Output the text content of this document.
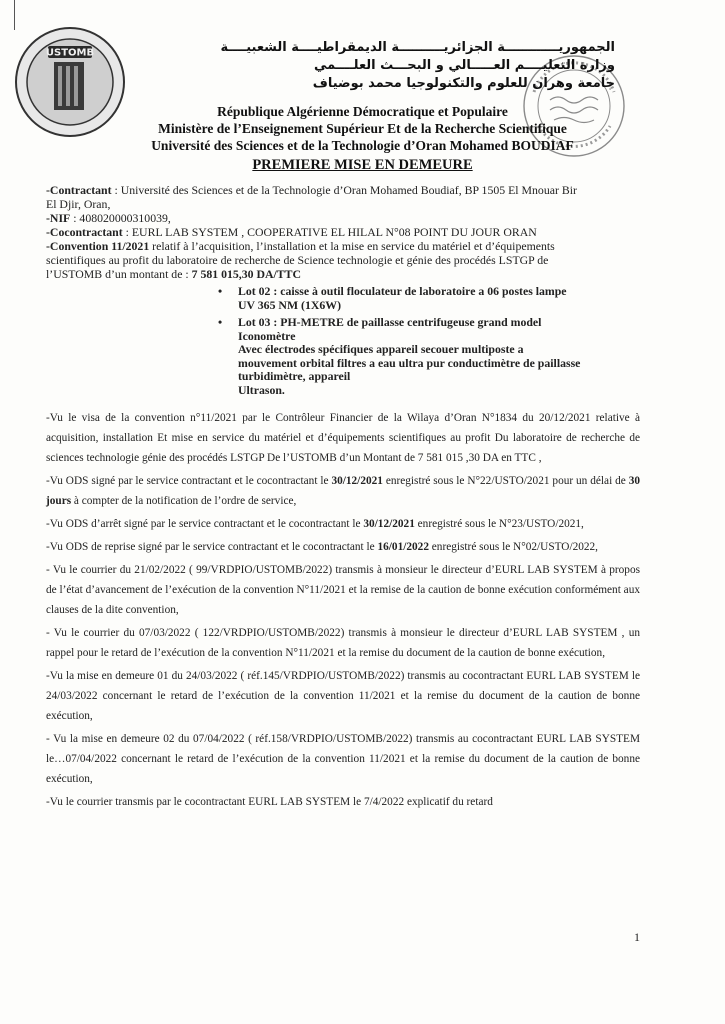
USTOMB	الجمهوريــــــــــــة الجزائريــــــــــة الديمقراطيــــة الشعبيــــة
وزارة التعليــــم العـــــالي و البحـــث العلــــمي
جامعة وهران للعلوم والتكنولوجيا محمد بوضياف
République Algérienne Démocratique et Populaire
Ministère de l’Enseignement Supérieur Et de la Recherche Scientifique
Université des Sciences et de la Technologie d’Oran Mohamed BOUDIAF
PREMIERE MISE EN DEMEURE
-Contractant : Université des Sciences et de la Technologie d’Oran Mohamed Boudiaf, BP 1505 El Mnouar Bir
El Djir, Oran,
-NIF : 408020000310039,
-Cocontractant : EURL LAB SYSTEM , COOPERATIVE EL HILAL N°08 POINT DU JOUR ORAN
-Convention 11/2021 relatif à l’acquisition, l’installation et la mise en service du matériel et d’équipements
scientifiques au profit du laboratoire de recherche de Science technologie et génie des procédés LSTGP de
l’USTOMB d’un montant de : 7 581 015,30 DA/TTC
• Lot 02 : caisse à outil floculateur de laboratoire a 06 postes lampe
UV 365 NM (1X6W)
• Lot 03 : PH-METRE de paillasse centrifugeuse grand model
Iconomètre
Avec électrodes spécifiques appareil secouer multiposte a
mouvement orbital filtres a eau ultra pur conductimètre de paillasse
turbidimètre, appareil
Ultrason.

-Vu le visa de la convention n°11/2021 par le Contrôleur Financier de la Wilaya d’Oran N°1834 du 20/12/2021 relative à acquisition, installation Et mise en service du matériel et d’équipements scientifiques au profit Du laboratoire de recherche de sciences technologie génie des procédés LSTGP De l’USTOMB d’un Montant de 7 581 015 ,30 DA en TTC ,

-Vu ODS signé par le service contractant et le cocontractant le 30/12/2021 enregistré sous le N°22/USTO/2021 pour un délai de 30 jours à compter de la notification de l’ordre de service,

-Vu ODS d’arrêt signé par le service contractant et le cocontractant le 30/12/2021 enregistré sous le N°23/USTO/2021,

-Vu ODS de reprise signé par le service contractant et le cocontractant le 16/01/2022 enregistré sous le N°02/USTO/2022,

- Vu le courrier du 21/02/2022 ( 99/VRDPIO/USTOMB/2022) transmis à monsieur le directeur d’EURL LAB SYSTEM à propos de l’état d’avancement de l’exécution de la convention N°11/2021 et la remise de la caution de bonne exécution conformément aux clauses de la dite convention,

- Vu le courrier du 07/03/2022 ( 122/VRDPIO/USTOMB/2022) transmis à monsieur le directeur d’EURL LAB SYSTEM , un rappel pour le retard de l’exécution de la convention N°11/2021 et la remise du document de la caution de bonne exécution,

-Vu la mise en demeure 01 du 24/03/2022 ( réf.145/VRDPIO/USTOMB/2022) transmis au cocontractant EURL LAB SYSTEM le 24/03/2022 concernant le retard de l’exécution de la convention 11/2021 et la remise du document de la caution de bonne exécution,

- Vu la mise en demeure 02 du 07/04/2022 ( réf.158/VRDPIO/USTOMB/2022) transmis au cocontractant EURL LAB SYSTEM le…07/04/2022 concernant le retard de l’exécution de la convention 11/2021 et la remise du document de la caution de bonne exécution,

-Vu le courrier transmis par le cocontractant EURL LAB SYSTEM le 7/4/2022 explicatif du retard

1
